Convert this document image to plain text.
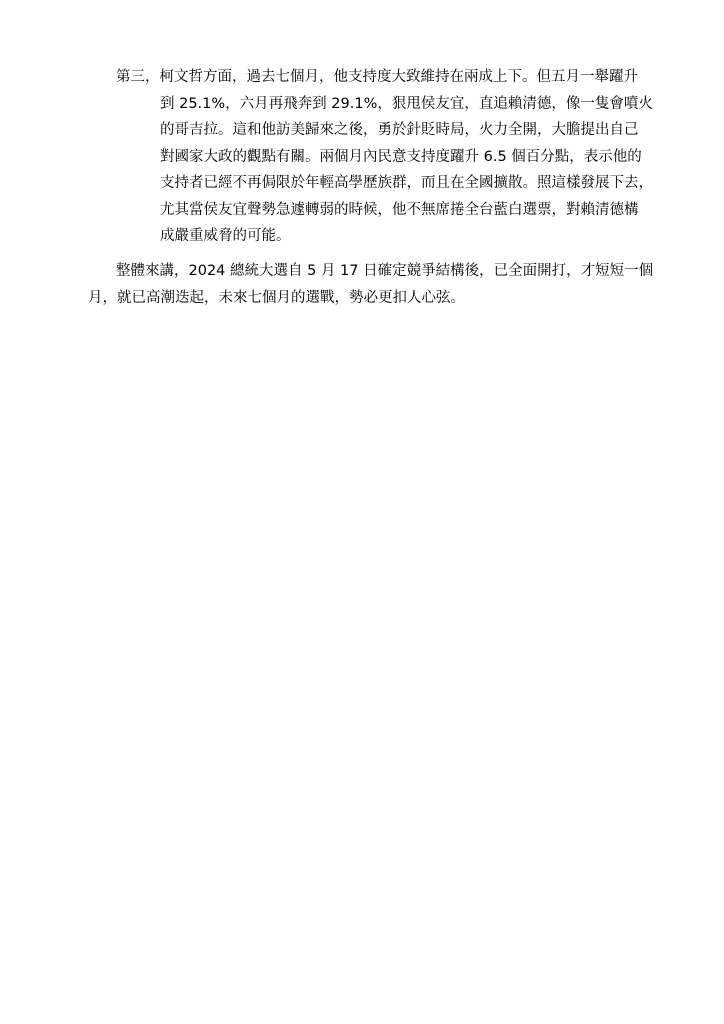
第三，柯文哲方面，過去七個月，他支持度大致維持在兩成上下。但五月一舉躍升
到 25.1%，六月再飛奔到 29.1%，狠甩侯友宜，直追賴清德，像一隻會噴火
的哥吉拉。這和他訪美歸來之後，勇於針貶時局，火力全開，大膽提出自己
對國家大政的觀點有關。兩個月內民意支持度躍升 6.5 個百分點，表示他的
支持者已經不再侷限於年輕高學歷族群，而且在全國擴散。照這樣發展下去，
尤其當侯友宜聲勢急遽轉弱的時候，他不無席捲全台藍白選票，對賴清德構
成嚴重威脅的可能。

整體來講，2024 總統大選自 5 月 17 日確定競爭結構後，已全面開打，才短短一個
月，就已高潮迭起，未來七個月的選戰，勢必更扣人心弦。
